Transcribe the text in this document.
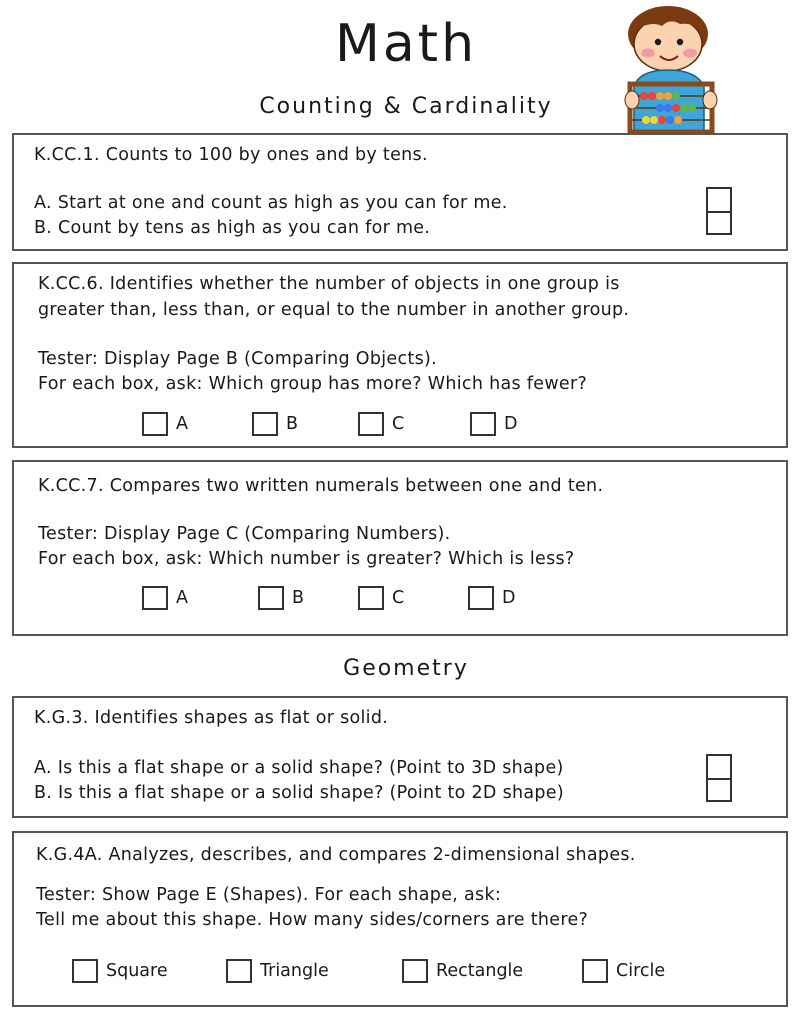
Math
Counting & Cardinality
K.CC.1. Counts to 100 by ones and by tens.
A. Start at one and count as high as you can for me.
B. Count by tens as high as you can for me.
K.CC.6. Identifies whether the number of objects in one group is
greater than, less than, or equal to the number in another group.
Tester: Display Page B (Comparing Objects).
For each box, ask: Which group has more? Which has fewer?
A	B	C	D
K.CC.7. Compares two written numerals between one and ten.
Tester: Display Page C (Comparing Numbers).
For each box, ask: Which number is greater? Which is less?
A	B	C	D
Geometry
K.G.3. Identifies shapes as flat or solid.
A. Is this a flat shape or a solid shape? (Point to 3D shape)
B. Is this a flat shape or a solid shape? (Point to 2D shape)
K.G.4A. Analyzes, describes, and compares 2-dimensional shapes.
Tester: Show Page E (Shapes). For each shape, ask:
Tell me about this shape. How many sides/corners are there?
Square	Triangle	Rectangle	Circle
